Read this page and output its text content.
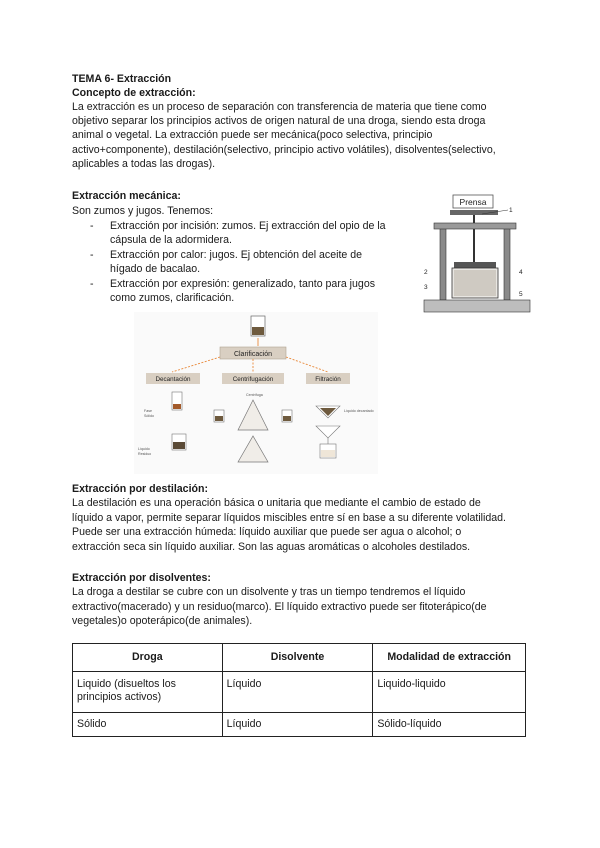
TEMA 6- Extracción
Concepto de extracción:
La extracción es un proceso de separación con transferencia de materia que tiene como
objetivo separar los principios activos de origen natural de una droga, siendo esta droga
animal o vegetal. La extracción puede ser mecánica(poco selectiva, principio
activo+componente), destilación(selectivo, principio activo volátiles), disolventes(selectivo,
aplicables a todas las drogas).
Extracción mecánica:
Son zumos y jugos. Tenemos:
- Extracción por incisión: zumos. Ej extracción del opio de la
cápsula de la adormidera.
- Extracción por calor: jugos. Ej obtención del aceite de
hígado de bacalao.
- Extracción por expresión: generalizado, tanto para jugos
como zumos, clarificación.
Prensa
1
2
3
4
5
Clarificación
Decantación	Centrifugación	Filtración
Fase
Sólido
Líquido
Residuo
Centrífuga
Líquido decantado
Extracción por destilación:
La destilación es una operación básica o unitaria que mediante el cambio de estado de
líquido a vapor, permite separar líquidos miscibles entre sí en base a su diferente volatilidad.
Puede ser una extracción húmeda: líquido auxiliar que puede ser agua o alcohol; o
extracción seca sin líquido auxiliar. Son las aguas aromáticas o alcoholes destilados.
Extracción por disolventes:
La droga a destilar se cubre con un disolvente y tras un tiempo tendremos el líquido
extractivo(macerado) y un residuo(marco). El líquido extractivo puede ser fitoterápico(de
vegetales)o opoterápico(de animales).
Droga	Disolvente	Modalidad de extracción
Liquido (disueltos los principios activos)	Líquido	Liquido-liquido
Sólido	Líquido	Sólido-líquido
